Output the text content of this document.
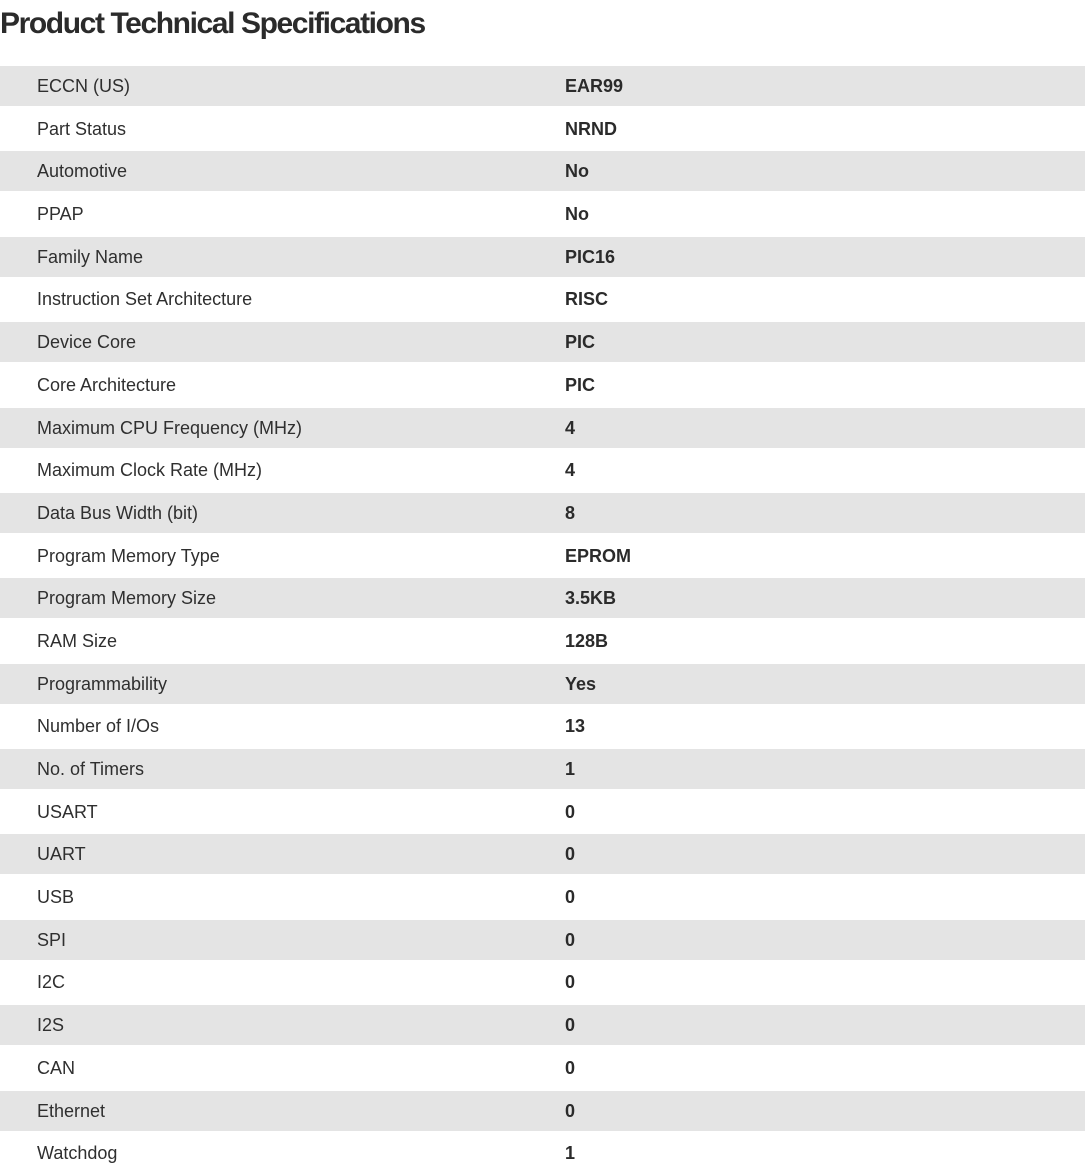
Product Technical Specifications
ECCN (US)	EAR99
Part Status	NRND
Automotive	No
PPAP	No
Family Name	PIC16
Instruction Set Architecture	RISC
Device Core	PIC
Core Architecture	PIC
Maximum CPU Frequency (MHz)	4
Maximum Clock Rate (MHz)	4
Data Bus Width (bit)	8
Program Memory Type	EPROM
Program Memory Size	3.5KB
RAM Size	128B
Programmability	Yes
Number of I/Os	13
No. of Timers	1
USART	0
UART	0
USB	0
SPI	0
I2C	0
I2S	0
CAN	0
Ethernet	0
Watchdog	1
